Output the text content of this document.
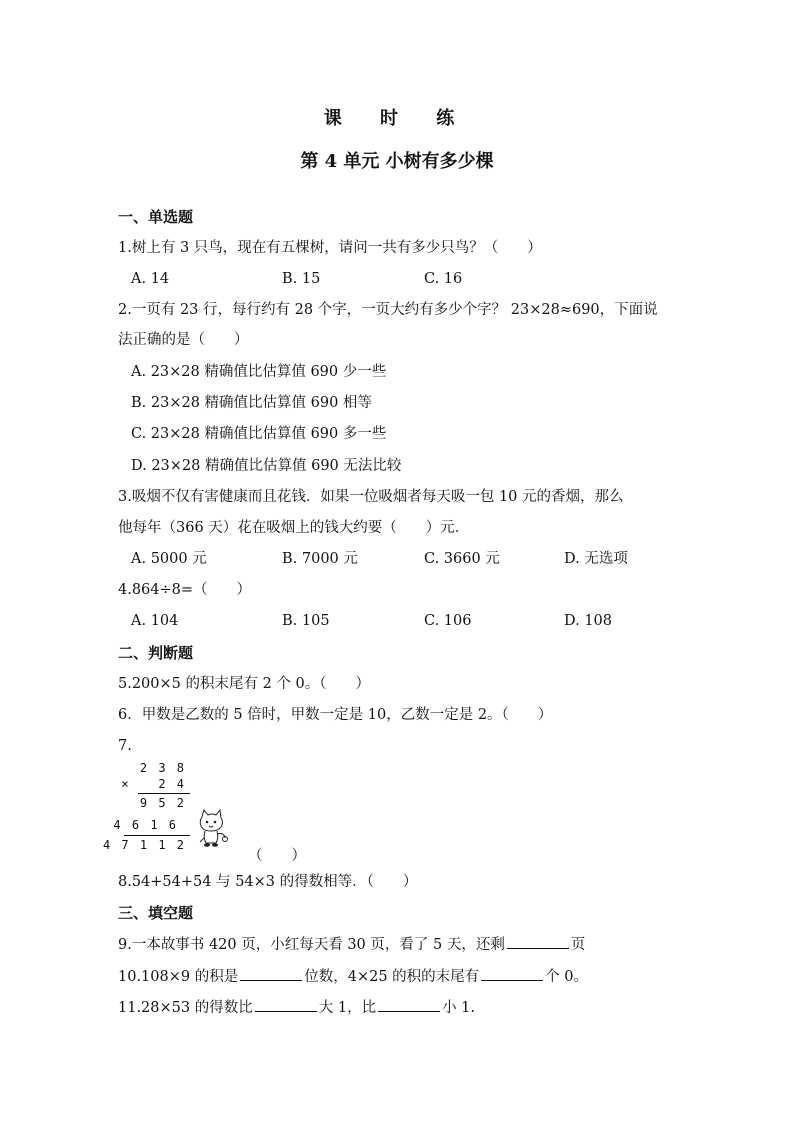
课 时 练
第 4 单元 小树有多少棵
一、单选题
1.树上有 3 只鸟，现在有五棵树，请问一共有多少只鸟？（　　）
A. 14	B. 15	C. 16
2.一页有 23 行，每行约有 28 个字，一页大约有多少个字？ 23×28≈690，下面说
法正确的是（　　）
A. 23×28 精确值比估算值 690 少一些
B. 23×28 精确值比估算值 690 相等
C. 23×28 精确值比估算值 690 多一些
D. 23×28 精确值比估算值 690 无法比较
3.吸烟不仅有害健康而且花钱．如果一位吸烟者每天吸一包 10 元的香烟，那么
他每年（366 天）花在吸烟上的钱大约要（　　）元．
A. 5000 元	B. 7000 元	C. 3660 元	D. 无选项
4.864÷8=（　　）
A. 104	B. 105	C. 106	D. 108
二、判断题
5.200×5 的积末尾有 2 个 0。（　　）
6．甲数是乙数的 5 倍时，甲数一定是 10，乙数一定是 2。（　　）
7.
2 3 8
×   2 4
9 5 2
4 6 1 6
4 7 1 1 2
（　　）
8.54+54+54 与 54×3 的得数相等．（　　）
三、填空题
9.一本故事书 420 页，小红每天看 30 页，看了 5 天，还剩	页
10.108×9 的积是	位数，4×25 的积的末尾有	个 0。
11.28×53 的得数比	大 1，比	小 1.
